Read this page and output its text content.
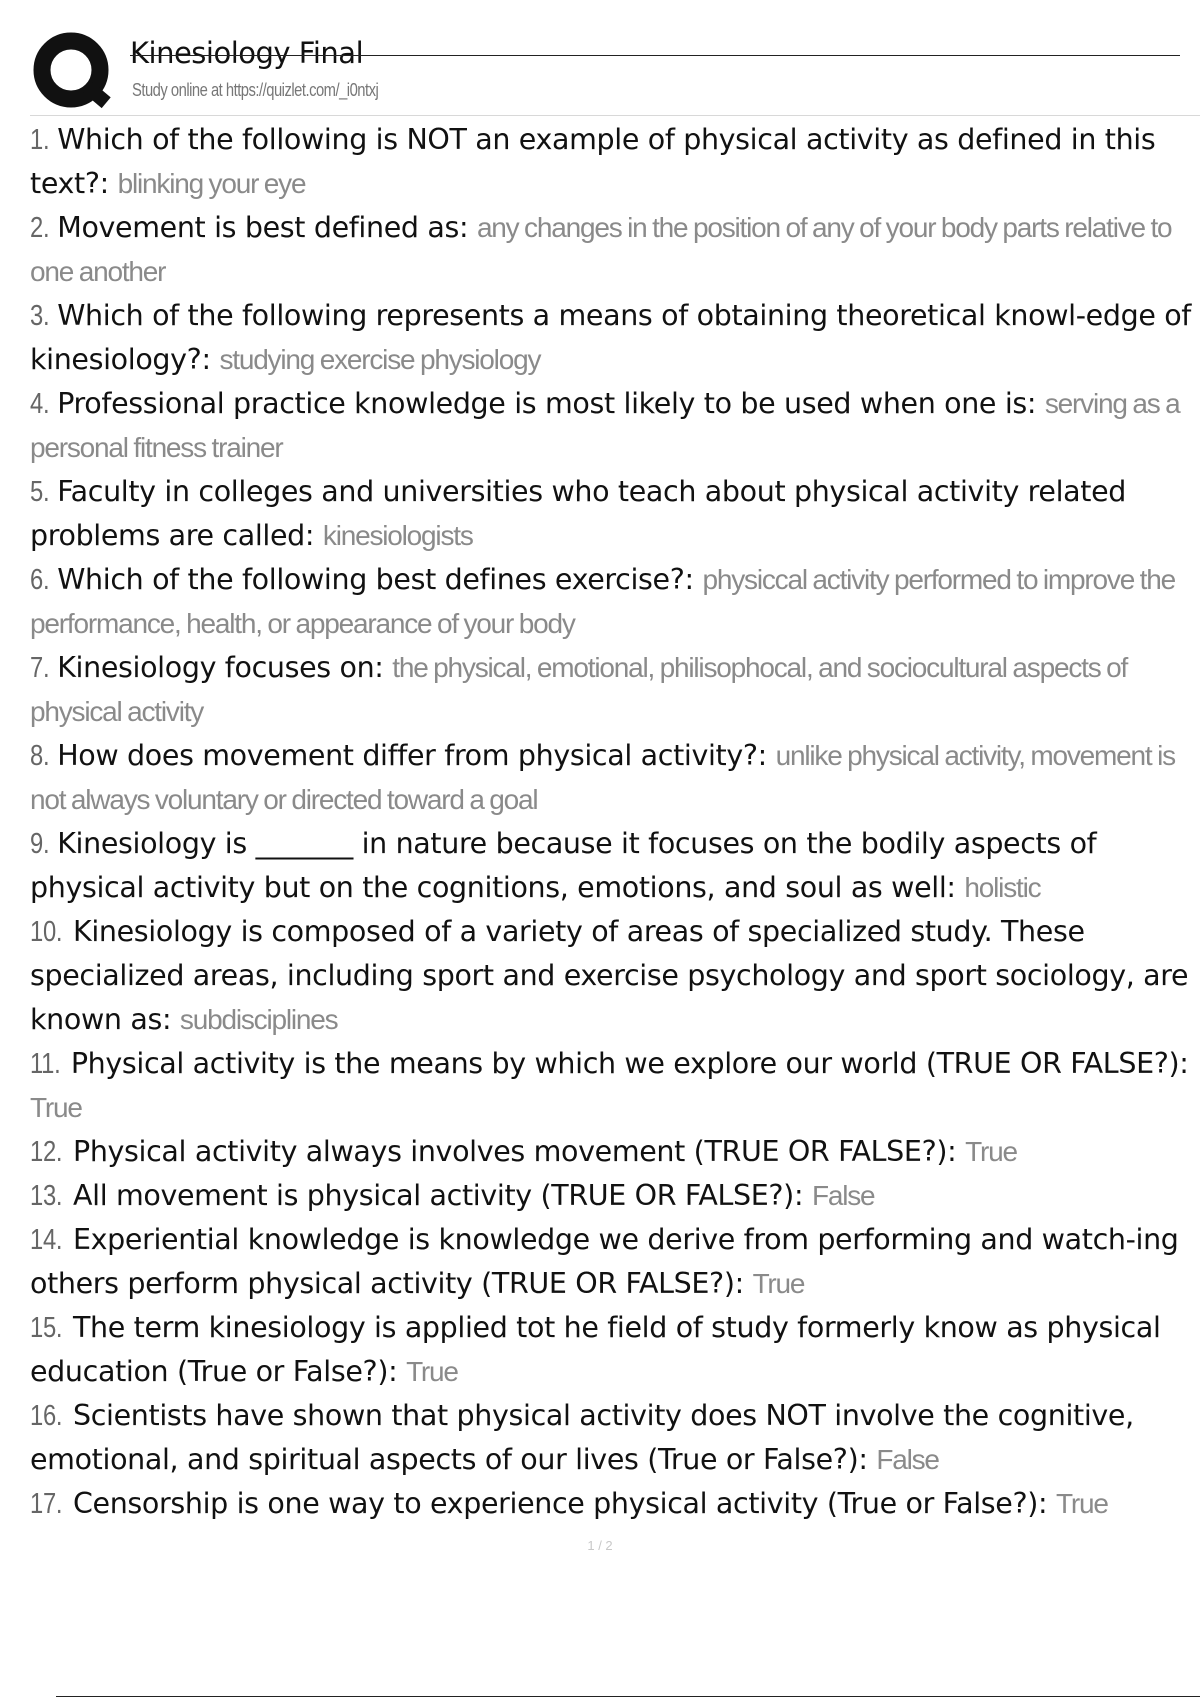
Kinesiology Final
Study online at https://quizlet.com/_i0ntxj

1. Which of the following is NOT an example of physical activity as defined in this text?: blinking your eye

2. Movement is best defined as: any changes in the position of any of your body parts relative to one another

3. Which of the following represents a means of obtaining theoretical knowl-edge of kinesiology?: studying exercise physiology

4. Professional practice knowledge is most likely to be used when one is: serving as a personal fitness trainer

5. Faculty in colleges and universities who teach about physical activity related problems are called: kinesiologists

6. Which of the following best defines exercise?: physiccal activity performed to improve the performance, health, or appearance of your body

7. Kinesiology focuses on: the physical, emotional, philisophocal, and sociocultural aspects of physical activity

8. How does movement differ from physical activity?: unlike physical activity, movement is not always voluntary or directed toward a goal

9. Kinesiology is _______ in nature because it focuses on the bodily aspects of physical activity but on the cognitions, emotions, and soul as well: holistic

10. Kinesiology is composed of a variety of areas of specialized study. These specialized areas, including sport and exercise psychology and sport sociology, are known as: subdisciplines

11. Physical activity is the means by which we explore our world (TRUE OR FALSE?): True

12. Physical activity always involves movement (TRUE OR FALSE?): True

13. All movement is physical activity (TRUE OR FALSE?): False

14. Experiential knowledge is knowledge we derive from performing and watch-ing others perform physical activity (TRUE OR FALSE?): True

15. The term kinesiology is applied tot he field of study formerly know as physical education (True or False?): True

16. Scientists have shown that physical activity does NOT involve the cognitive, emotional, and spiritual aspects of our lives (True or False?): False

17. Censorship is one way to experience physical activity (True or False?): True

1 / 2
